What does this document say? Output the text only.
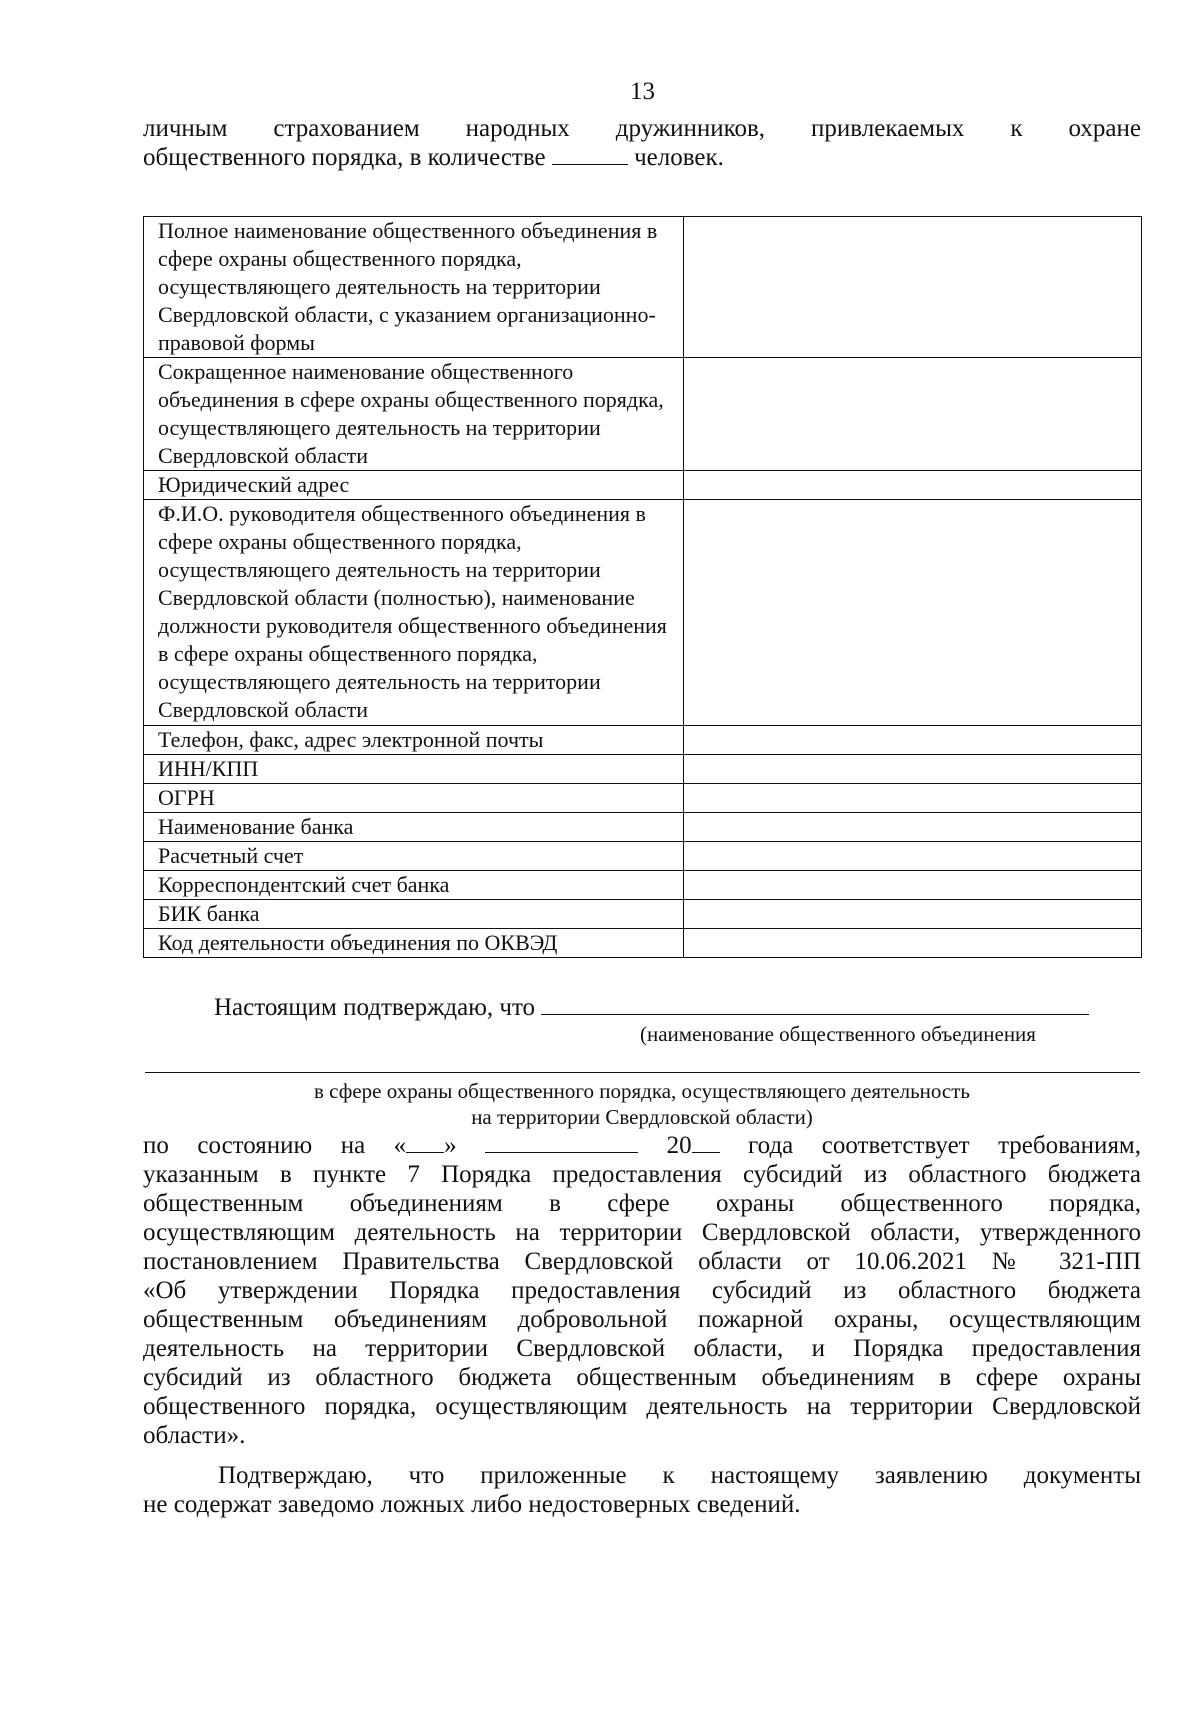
13
личным страхованием народных дружинников, привлекаемых к охране
общественного порядка, в количестве	человек.
Полное наименование общественного объединения в сфере охраны общественного порядка, осуществляющего деятельность на территории Свердловской области, с указанием организационно-правовой формы	
Сокращенное наименование общественного объединения в сфере охраны общественного порядка, осуществляющего деятельность на территории Свердловской области	
Юридический адрес	
Ф.И.О. руководителя общественного объединения в сфере охраны общественного порядка, осуществляющего деятельность на территории Свердловской области (полностью), наименование должности руководителя общественного объединения в сфере охраны общественного порядка, осуществляющего деятельность на территории Свердловской области	
Телефон, факс, адрес электронной почты	
ИНН/КПП	
ОГРН	
Наименование банка	
Расчетный счет	
Корреспондентский счет банка	
БИК банка	
Код деятельности объединения по ОКВЭД	
Настоящим подтверждаю, что
(наименование общественного объединения
в сфере охраны общественного порядка, осуществляющего деятельность
на территории Свердловской области)
по состоянию на « »	20 года соответствует требованиям,
указанным в пункте 7 Порядка предоставления субсидий из областного бюджета
общественным объединениям в сфере охраны общественного порядка,
осуществляющим деятельность на территории Свердловской области, утвержденного
постановлением Правительства Свердловской области от 10.06.2021 № 321-ПП
«Об утверждении Порядка предоставления субсидий из областного бюджета
общественным объединениям добровольной пожарной охраны, осуществляющим
деятельность на территории Свердловской области, и Порядка предоставления
субсидий из областного бюджета общественным объединениям в сфере охраны
общественного порядка, осуществляющим деятельность на территории Свердловской
области».
Подтверждаю, что приложенные к настоящему заявлению документы
не содержат заведомо ложных либо недостоверных сведений.
